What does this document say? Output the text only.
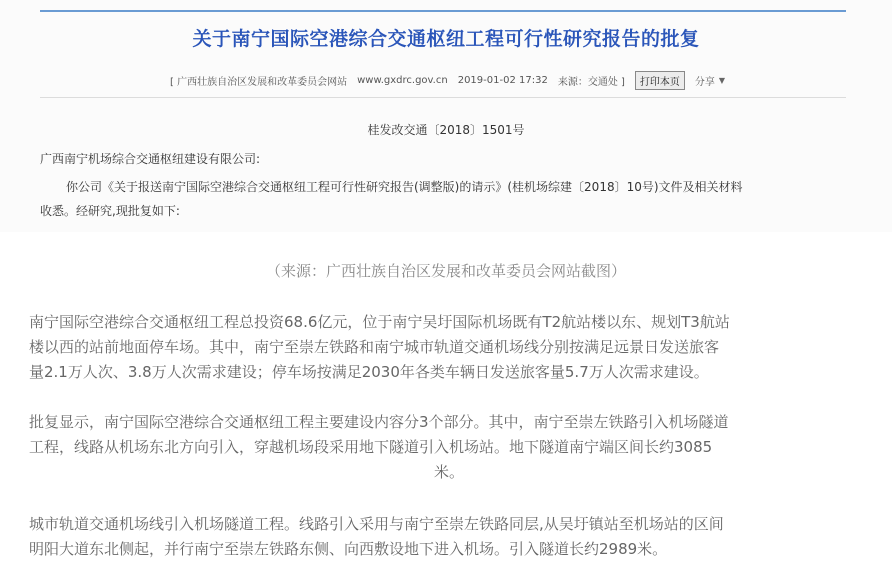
关于南宁国际空港综合交通枢纽工程可行性研究报告的批复
[ 广西壮族自治区发展和改革委员会网站 www.gxdrc.gov.cn 2019-01-02 17:32 来源：交通处 ]	打印本页	分享 ▼
桂发改交通〔2018〕1501号
广西南宁机场综合交通枢纽建设有限公司:
你公司《关于报送南宁国际空港综合交通枢纽工程可行性研究报告(调整版)的请示》(桂机场综建〔2018〕10号)文件及相关材料
收悉。经研究,现批复如下:
（来源：广西壮族自治区发展和改革委员会网站截图）
南宁国际空港综合交通枢纽工程总投资68.6亿元，位于南宁吴圩国际机场既有T2航站楼以东、规划T3航站
楼以西的站前地面停车场。其中，南宁至崇左铁路和南宁城市轨道交通机场线分别按满足远景日发送旅客
量2.1万人次、3.8万人次需求建设；停车场按满足2030年各类车辆日发送旅客量5.7万人次需求建设。
批复显示，南宁国际空港综合交通枢纽工程主要建设内容分3个部分。其中，南宁至崇左铁路引入机场隧道
工程，线路从机场东北方向引入，穿越机场段采用地下隧道引入机场站。地下隧道南宁端区间长约3085
米。
城市轨道交通机场线引入机场隧道工程。线路引入采用与南宁至崇左铁路同层,从吴圩镇站至机场站的区间
明阳大道东北侧起，并行南宁至崇左铁路东侧、向西敷设地下进入机场。引入隧道长约2989米。
